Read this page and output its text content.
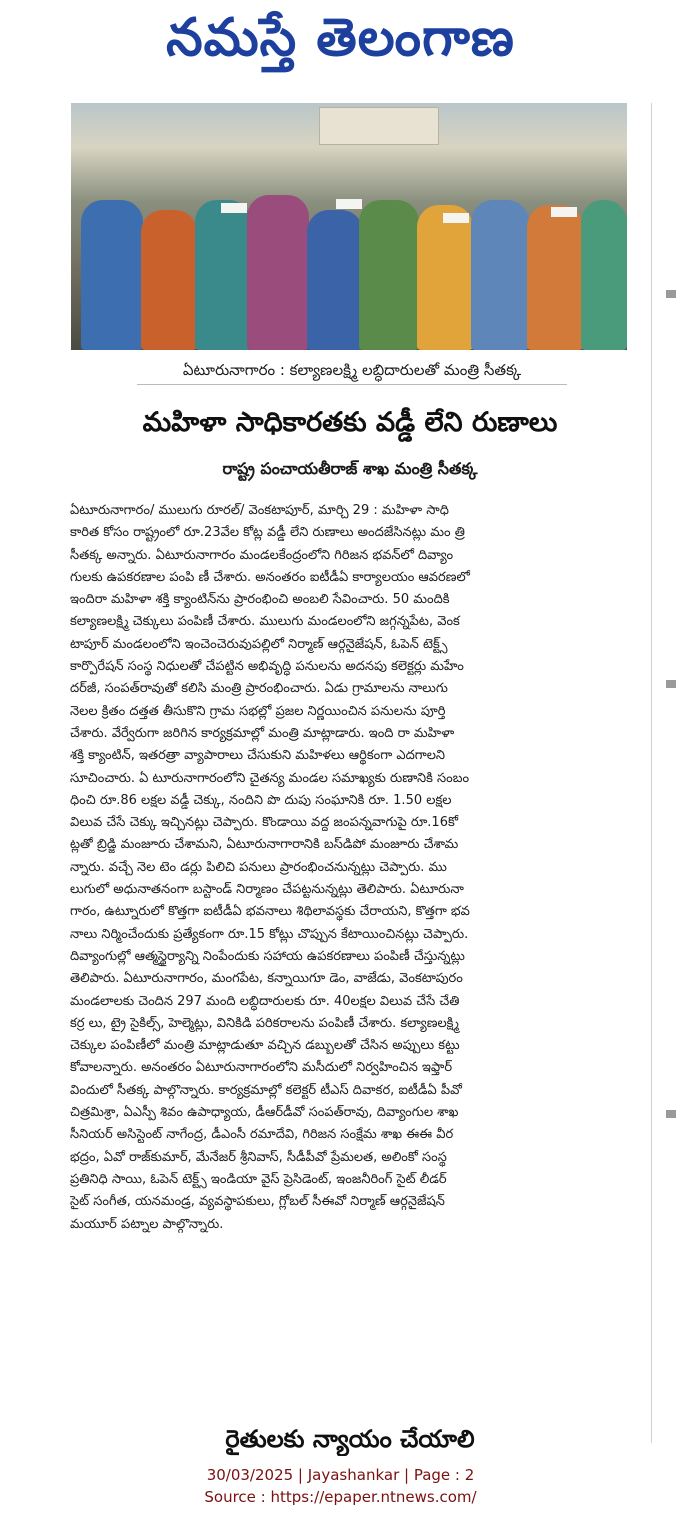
నమస్తే తెలంగాణ
ఏటూరునాగారం : కల్యాణలక్ష్మి లబ్ధిదారులతో మంత్రి సీతక్క
మహిళా సాధికారతకు వడ్డీ లేని రుణాలు
రాష్ట్ర పంచాయతీరాజ్ శాఖ మంత్రి సీతక్క
ఏటూరునాగారం/ ములుగు రూరల్/ వెంకటాపూర్, మార్చి 29 : మహిళా సాధి
కారిత కోసం రాష్ట్రంలో రూ.23వేల కోట్ల వడ్డీ లేని రుణాలు అందజేసినట్లు మం త్రి
సీతక్క అన్నారు. ఏటూరునాగారం మండలకేంద్రంలోని గిరిజన భవన్‌లో దివ్యాం
గులకు ఉపకరణాల పంపి ణీ చేశారు. అనంతరం ఐటీడీఏ కార్యాలయం ఆవరణలో
ఇందిరా మహిళా శక్తి క్యాంటిన్‌ను ప్రారంభించి అంబలి సేవించారు. 50 మందికి
కల్యాణలక్ష్మి చెక్కులు పంపిణీ చేశారు. ములుగు మండలంలోని జగ్గన్నపేట, వెంక
టాపూర్ మండలంలోని ఇంచెంచెరువుపల్లిలో నిర్మాణ్ ఆర్గనైజేషన్, ఓపెన్ టెక్ట్స్
కార్పొరేషన్ సంస్థ నిధులతో చేపట్టిన అభివృద్ధి పనులను అదనపు కలెక్టర్లు మహేం
దర్‌జీ, సంపత్‌రావుతో కలిసి మంత్రి ప్రారంభించారు. ఏడు గ్రామాలను నాలుగు
నెలల క్రితం దత్తత తీసుకొని గ్రామ సభల్లో ప్రజల నిర్ణయించిన పనులను పూర్తి
చేశారు. వేర్వేరుగా జరిగిన కార్యక్రమాల్లో మంత్రి మాట్లాడారు. ఇంది రా మహిళా
శక్తి క్యాంటిన్, ఇతరత్రా వ్యాపారాలు చేసుకుని మహిళలు ఆర్థికంగా ఎదగాలని
సూచించారు. ఏ టూరునాగారంలోని చైతన్య మండల సమాఖ్యకు రుణానికి సంబం
ధించి రూ.86 లక్షల వడ్డీ చెక్కు, నందిని పొ దుపు సంఘానికి రూ. 1.50 లక్షల
విలువ చేసే చెక్కు ఇచ్చినట్లు చెప్పారు. కొండాయి వద్ద జంపన్నవాగుపై రూ.16కో
ట్లతో బ్రిడ్జి మంజూరు చేశామని, ఏటూరునాగారానికి బస్‌డిపో మంజూరు చేశామ
న్నారు. వచ్చే నెల టెం డర్లు పిలిచి పనులు ప్రారంభించనున్నట్లు చెప్పారు. ము
లుగులో అధునాతనంగా బస్టాండ్ నిర్మాణం చేపట్టనున్నట్లు తెలిపారు. ఏటూరునా
గారం, ఉట్నూరులో కొత్తగా ఐటీడీఏ భవనాలు శిథిలావస్థకు చేరాయని, కొత్తగా భవ
నాలు నిర్మించేందుకు ప్రత్యేకంగా రూ.15 కోట్లు చొప్పున కేటాయించినట్లు చెప్పారు.
దివ్యాంగుల్లో ఆత్మస్థైర్యాన్ని నింపేందుకు సహాయ ఉపకరణాలు పంపిణీ చేస్తున్నట్లు
తెలిపారు. ఏటూరునాగారం, మంగపేట, కన్నాయిగూ డెం, వాజేడు, వెంకటాపురం
మండలాలకు చెందిన 297 మంది లబ్ధిదారులకు రూ. 40లక్షల విలువ చేసే చేతి
కర్ర లు, ట్రై సైకిల్స్, హెల్మెట్లు, వినికిడి పరికరాలను పంపిణీ చేశారు. కల్యాణలక్ష్మి
చెక్కుల పంపిణీలో మంత్రి మాట్లాడుతూ వచ్చిన డబ్బులతో చేసిన అప్పులు కట్టు
కోవాలన్నారు. అనంతరం ఏటూరునాగారంలోని మసీదులో నిర్వహించిన ఇఫ్తార్
విందులో సీతక్క పాల్గొన్నారు. కార్యక్రమాల్లో కలెక్టర్ టీఎస్ దివాకర, ఐటీడీఏ పీవో
చిత్రమిశ్రా, ఏఎస్పీ శివం ఉపాధ్యాయ, డీఆర్‌డీవో సంపత్‌రావు, దివ్యాంగుల శాఖ
సీనియర్ అసిస్టెంట్ నాగేంద్ర, డీఎంసీ రమాదేవి, గిరిజన సంక్షేమ శాఖ ఈఈ వీర
భద్రం, ఏవో రాజ్‌కుమార్, మేనేజర్ శ్రీనివాస్, సీడీపీవో ప్రేమలత, అలింకో సంస్థ
ప్రతినిధి సాయి, ఓపెన్ టెక్ట్స్ ఇండియా వైస్ ప్రెసిడెంట్, ఇంజనీరింగ్ సైట్ లీడర్
సైట్ సంగీత, యనమండ్ర, వ్యవస్థాపకులు, గ్లోబల్ సీఈవో నిర్మాణ్ ఆర్గనైజేషన్
మయూర్ పట్నాల పాల్గొన్నారు.
రైతులకు న్యాయం చేయాలి
30/03/2025 | Jayashankar | Page : 2
Source : https://epaper.ntnews.com/
